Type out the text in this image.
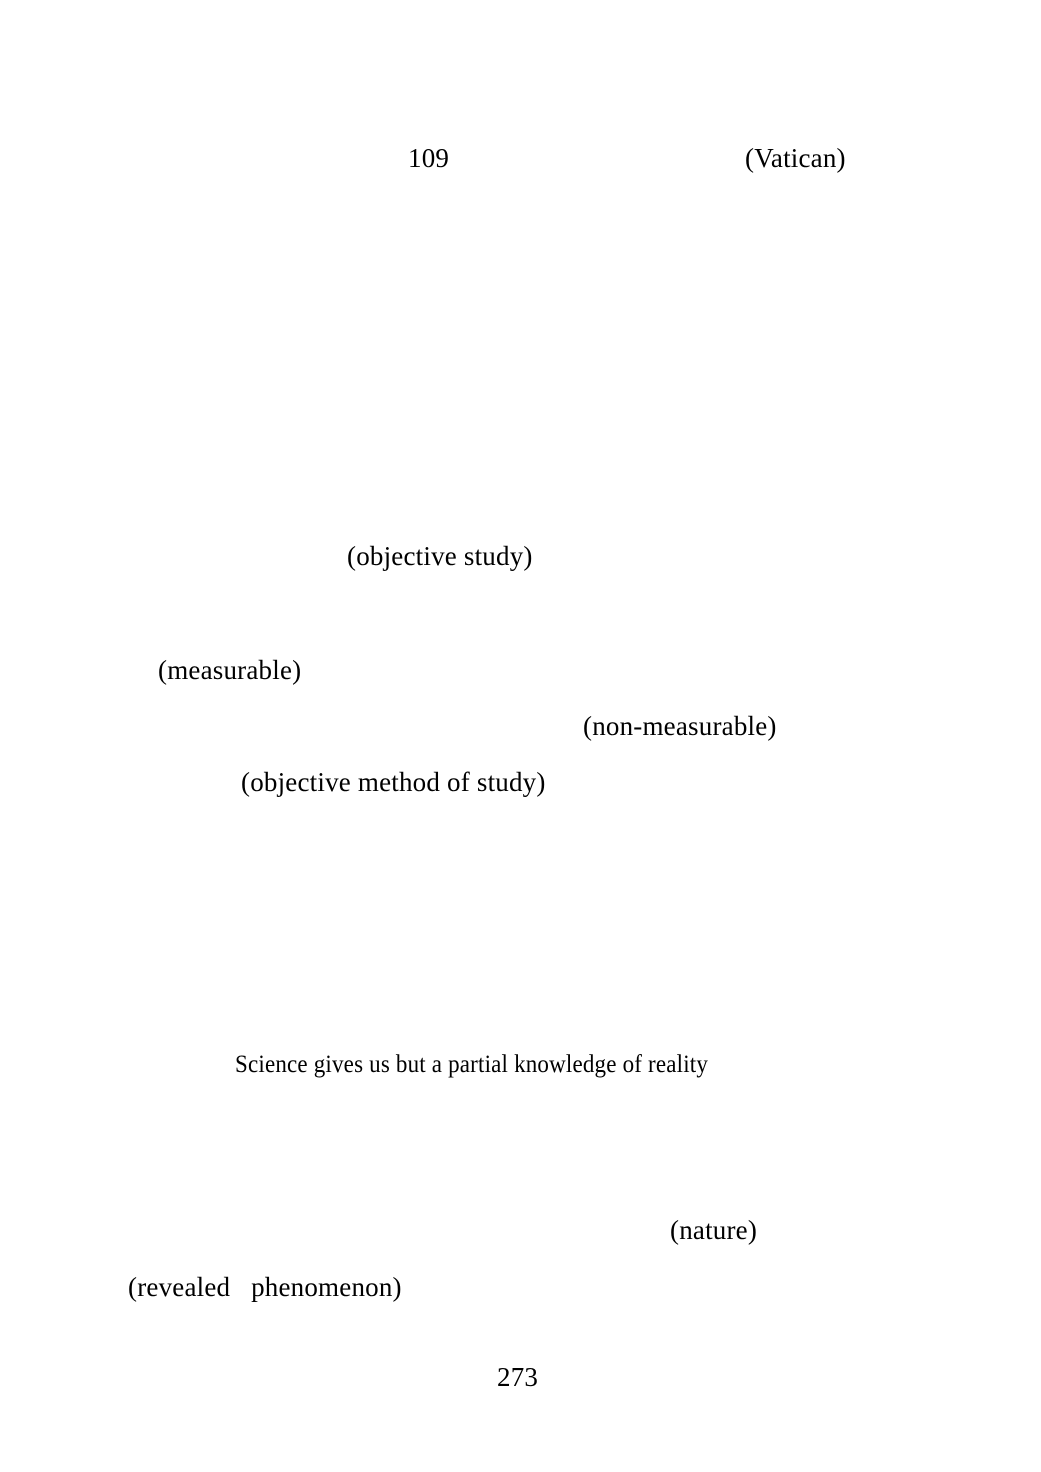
109	(Vatican)
(objective study)
(measurable)
(non-measurable)
(objective method of study)
Science gives us but a partial knowledge of reality
(nature)
(revealed   phenomenon)
273
